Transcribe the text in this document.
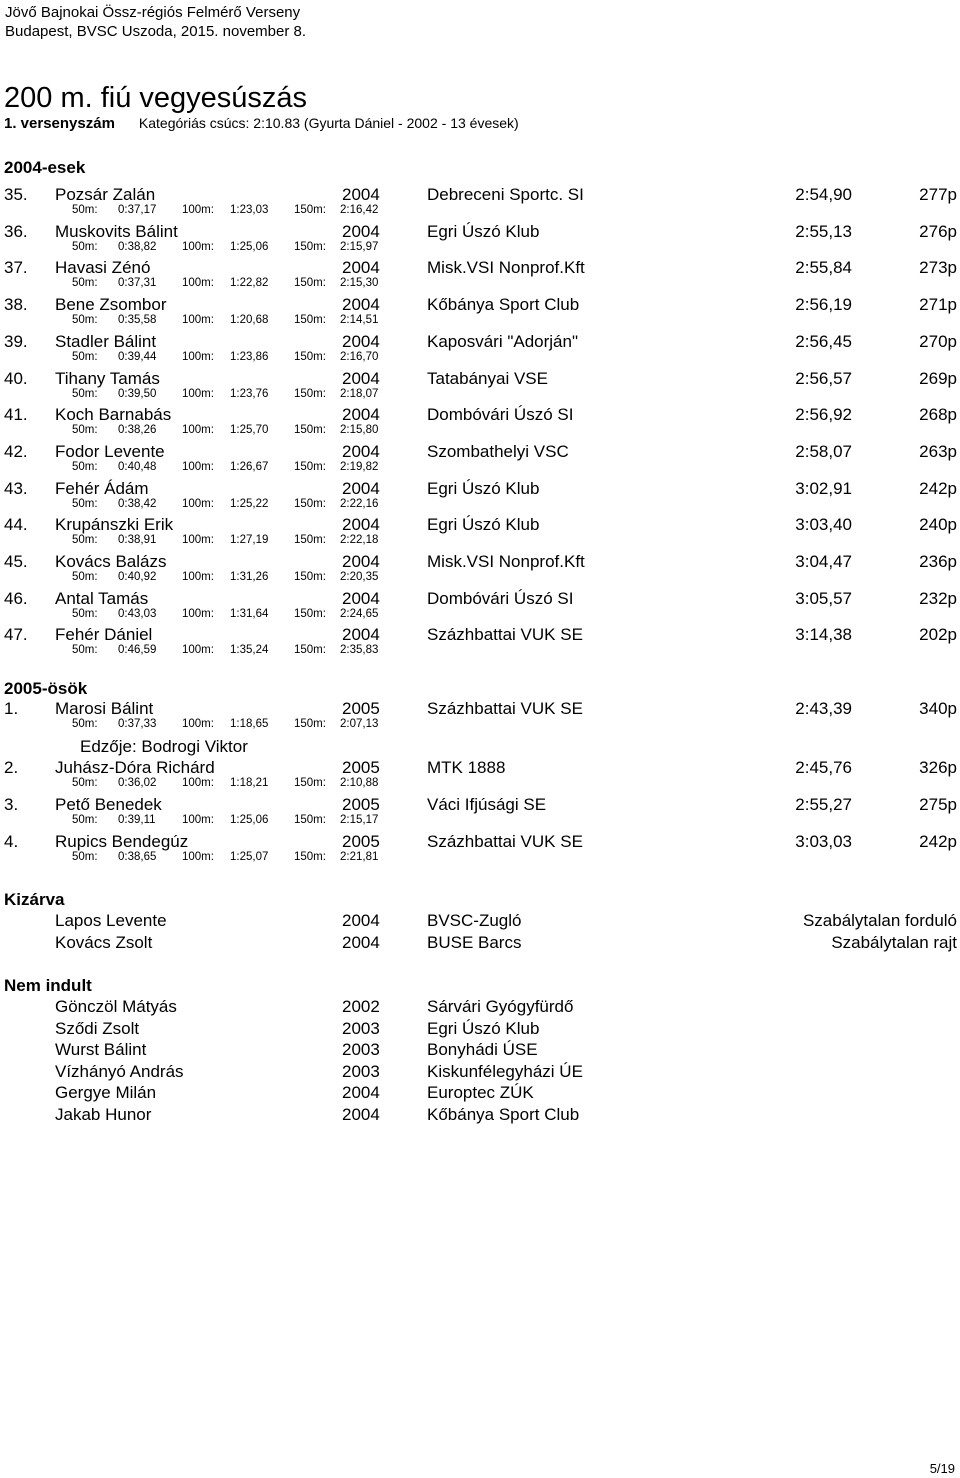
Jövő Bajnokai Össz-régiós Felmérő Verseny
Budapest, BVSC Uszoda, 2015. november 8.
200 m. fiú vegyesúszás
1. versenyszám Kategóriás csúcs: 2:10.83 (Gyurta Dániel - 2002 - 13 évesek)
2004-esek
35. Pozsár Zalán	2004	Debreceni Sportc. SI	2:54,90	277p
50m: 0:37,17 100m: 1:23,03 150m: 2:16,42
36. Muskovits Bálint	2004	Egri Úszó Klub	2:55,13	276p
50m: 0:38,82 100m: 1:25,06 150m: 2:15,97
37. Havasi Zénó	2004	Misk.VSI Nonprof.Kft	2:55,84	273p
50m: 0:37,31 100m: 1:22,82 150m: 2:15,30
38. Bene Zsombor	2004	Kőbánya Sport Club	2:56,19	271p
50m: 0:35,58 100m: 1:20,68 150m: 2:14,51
39. Stadler Bálint	2004	Kaposvári "Adorján"	2:56,45	270p
50m: 0:39,44 100m: 1:23,86 150m: 2:16,70
40. Tihany Tamás	2004	Tatabányai VSE	2:56,57	269p
50m: 0:39,50 100m: 1:23,76 150m: 2:18,07
41. Koch Barnabás	2004	Dombóvári Úszó SI	2:56,92	268p
50m: 0:38,26 100m: 1:25,70 150m: 2:15,80
42. Fodor Levente	2004	Szombathelyi VSC	2:58,07	263p
50m: 0:40,48 100m: 1:26,67 150m: 2:19,82
43. Fehér Ádám	2004	Egri Úszó Klub	3:02,91	242p
50m: 0:38,42 100m: 1:25,22 150m: 2:22,16
44. Krupánszki Erik	2004	Egri Úszó Klub	3:03,40	240p
50m: 0:38,91 100m: 1:27,19 150m: 2:22,18
45. Kovács Balázs	2004	Misk.VSI Nonprof.Kft	3:04,47	236p
50m: 0:40,92 100m: 1:31,26 150m: 2:20,35
46. Antal Tamás	2004	Dombóvári Úszó SI	3:05,57	232p
50m: 0:43,03 100m: 1:31,64 150m: 2:24,65
47. Fehér Dániel	2004	Százhbattai VUK SE	3:14,38	202p
50m: 0:46,59 100m: 1:35,24 150m: 2:35,83
2005-ösök
1. Marosi Bálint	2005	Százhbattai VUK SE	2:43,39	340p
50m: 0:37,33 100m: 1:18,65 150m: 2:07,13
Edzője: Bodrogi Viktor
2. Juhász-Dóra Richárd	2005	MTK 1888	2:45,76	326p
50m: 0:36,02 100m: 1:18,21 150m: 2:10,88
3. Pető Benedek	2005	Váci Ifjúsági SE	2:55,27	275p
50m: 0:39,11 100m: 1:25,06 150m: 2:15,17
4. Rupics Bendegúz	2005	Százhbattai VUK SE	3:03,03	242p
50m: 0:38,65 100m: 1:25,07 150m: 2:21,81
Kizárva
Lapos Levente	2004	BVSC-Zugló	Szabálytalan forduló
Kovács Zsolt	2004	BUSE Barcs	Szabálytalan rajt
Nem indult
Gönczöl Mátyás	2002	Sárvári Gyógyfürdő
Sződi Zsolt	2003	Egri Úszó Klub
Wurst Bálint	2003	Bonyhádi ÚSE
Vízhányó András	2003	Kiskunfélegyházi ÚE
Gergye Milán	2004	Europtec ZÚK
Jakab Hunor	2004	Kőbánya Sport Club
5/19
